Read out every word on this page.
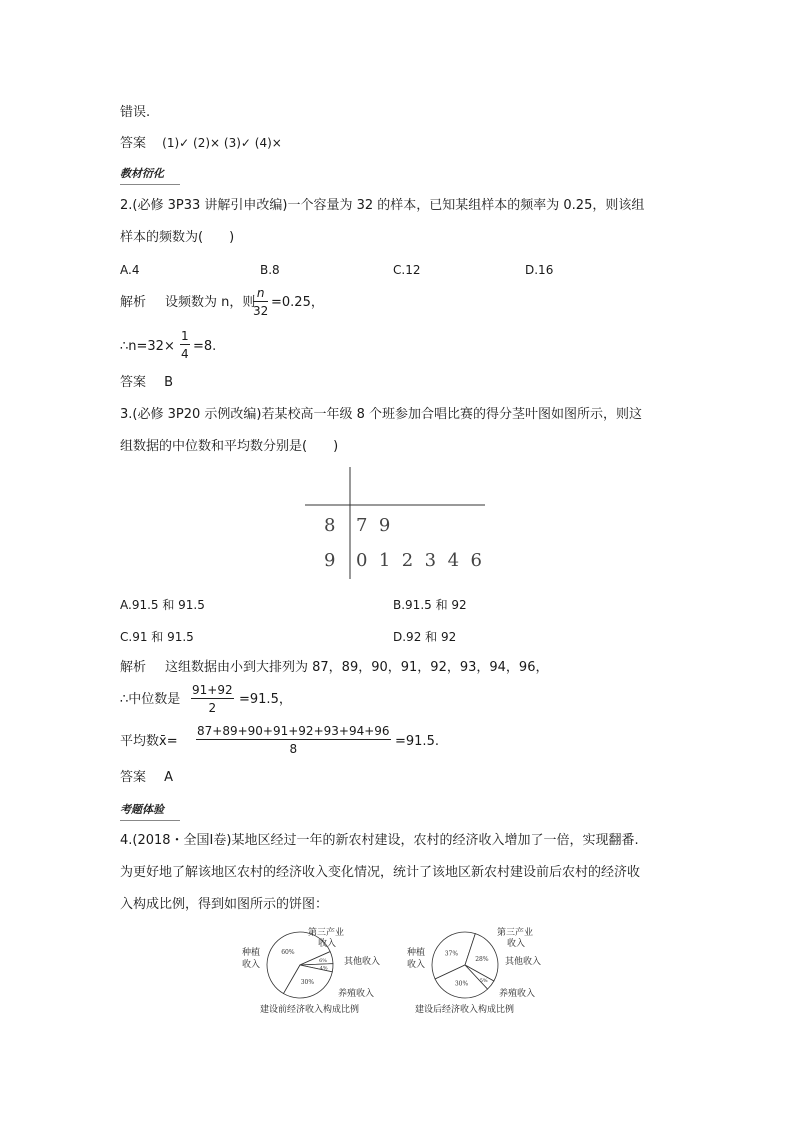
错误.
答案 (1)✓ (2)× (3)✓ (4)×
教材衍化
2.(必修 3P33 讲解引申改编)一个容量为 32 的样本，已知某组样本的频率为 0.25，则该组
样本的频数为(　　)
A.4	B.8	C.12	D.16
解析 设频数为 n，则
$\frac{n}{32} =0.25$，
∴n=32× $\frac{1}{4} =8$.
答案 B
3.(必修 3P20 示例改编)若某校高一年级 8 个班参加合唱比赛的得分茎叶图如图所示，则这
组数据的中位数和平均数分别是(　　)
8 7  9
9 0  1  2  3  4  6
A.91.5 和 91.5	B.91.5 和 92
C.91 和 91.5	D.92 和 92
解析 这组数据由小到大排列为 87，89，90，91，92，93，94，96，
∴中位数是 $\frac{91+92}{2} =91.5$，
平均数x̄= $\frac{87+89+90+91+92+93+94+96}{8} =91.5$.
答案 A
考题体验
4.(2018・全国Ⅰ卷)某地区经过一年的新农村建设，农村的经济收入增加了一倍，实现翻番.
为更好地了解该地区农村的经济收入变化情况，统计了该地区新农村建设前后农村的经济收
入构成比例，得到如图所示的饼图：
60%
6%
4%
30%
种植
收入
第三产业
收入
其他收入
养殖收入
建设前经济收入构成比例
37%
28%
5%
30%
种植
收入
第三产业
收入
其他收入
养殖收入
建设后经济收入构成比例
